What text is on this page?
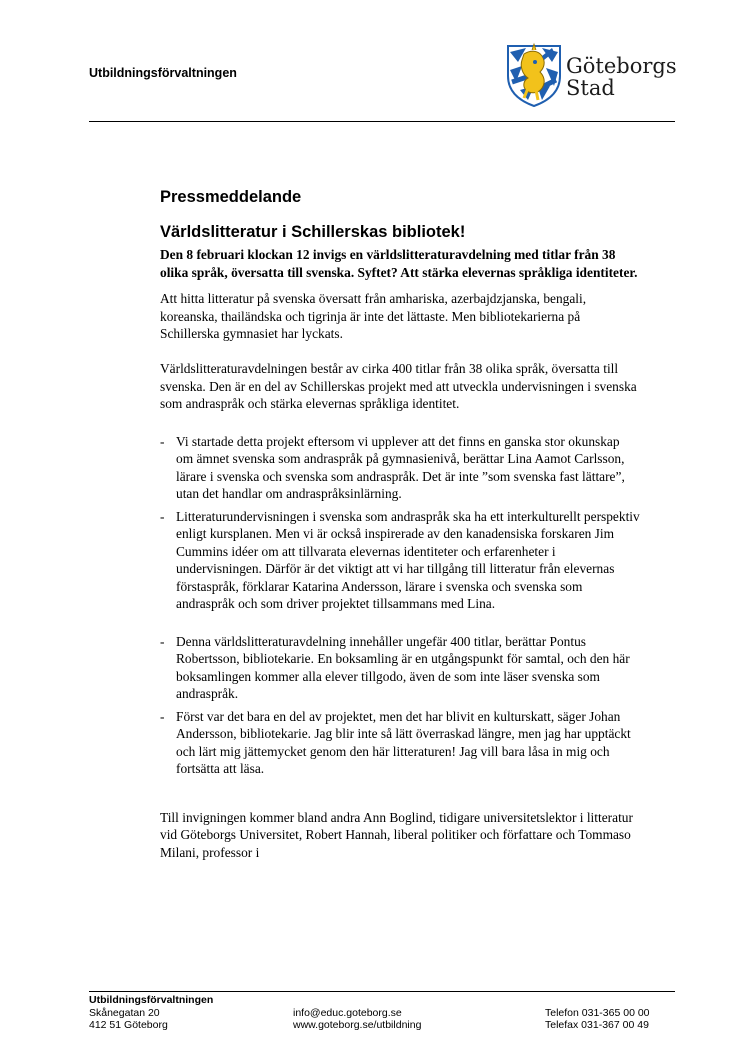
Utbildningsförvaltningen	Göteborgs
Stad
Pressmeddelande
Världslitteratur i Schillerskas bibliotek!

Den 8 februari klockan 12 invigs en världslitteraturavdelning med titlar från 38 olika språk, översatta till svenska. Syftet? Att stärka elevernas språkliga identiteter.

Att hitta litteratur på svenska översatt från amhariska, azerbajdzjanska, bengali, koreanska, thailändska och tigrinja är inte det lättaste. Men bibliotekarierna på Schillerska gymnasiet har lyckats.

Världslitteraturavdelningen består av cirka 400 titlar från 38 olika språk, översatta till svenska. Den är en del av Schillerskas projekt med att utveckla undervisningen i svenska som andraspråk och stärka elevernas språkliga identitet.

- Vi startade detta projekt eftersom vi upplever att det finns en ganska stor okunskap om ämnet svenska som andraspråk på gymnasienivå, berättar Lina Aamot Carlsson, lärare i svenska och svenska som andraspråk. Det är inte ”som svenska fast lättare”, utan det handlar om andraspråksinlärning.
- Litteraturundervisningen i svenska som andraspråk ska ha ett interkulturellt perspektiv enligt kursplanen. Men vi är också inspirerade av den kanadensiska forskaren Jim Cummins idéer om att tillvarata elevernas identiteter och erfarenheter i undervisningen. Därför är det viktigt att vi har tillgång till litteratur från elevernas förstaspråk, förklarar Katarina Andersson, lärare i svenska och svenska som andraspråk och som driver projektet tillsammans med Lina.
- Denna världslitteraturavdelning innehåller ungefär 400 titlar, berättar Pontus Robertsson, bibliotekarie. En boksamling är en utgångspunkt för samtal, och den här boksamlingen kommer alla elever tillgodo, även de som inte läser svenska som andraspråk.
- Först var det bara en del av projektet, men det har blivit en kulturskatt, säger Johan Andersson, bibliotekarie. Jag blir inte så lätt överraskad längre, men jag har upptäckt och lärt mig jättemycket genom den här litteraturen! Jag vill bara låsa in mig och fortsätta att läsa.

Till invigningen kommer bland andra Ann Boglind, tidigare universitetslektor i litteratur vid Göteborgs Universitet, Robert Hannah, liberal politiker och författare och Tommaso Milani, professor i

Utbildningsförvaltningen
Skånegatan 20
412 51 Göteborg
info@educ.goteborg.se
www.goteborg.se/utbildning
Telefon 031-365 00 00
Telefax 031-367 00 49
